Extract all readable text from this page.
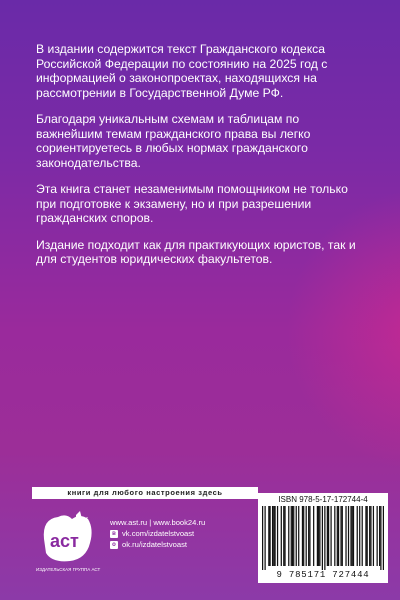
В издании содержится текст Гражданского кодекса Российской Федерации по состоянию на 2025 год с информацией о законопроектах, находящихся на рассмотрении в Государственной Думе РФ.

Благодаря уникальным схемам и таблицам по важнейшим темам гражданского права вы легко сориентируетесь в любых нормах гражданского законодательства.

Эта книга станет незаменимым помощником не только при подготовке к экзамену, но и при разрешении гражданских споров.

Издание подходит как для практикующих юристов, так и для студентов юридических факультетов.

книги для любого настроения здесь
аст
ИЗДАТЕЛЬСКАЯ ГРУППА АСТ
www.ast.ru | www.book24.ru
в vk.com/izdatelstvoast
о ok.ru/izdatelstvoast
ISBN 978-5-17-172744-4
9 785171 727444
